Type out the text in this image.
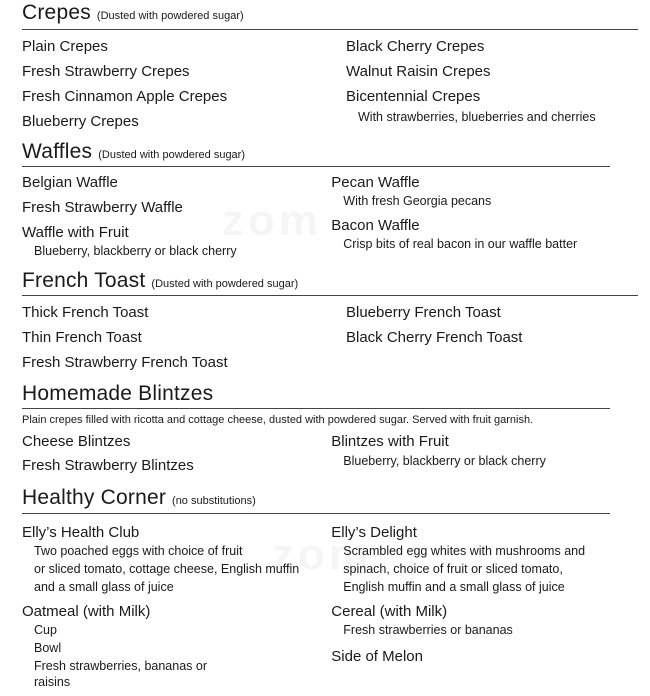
Crepes (Dusted with powdered sugar)
Plain Crepes
Fresh Strawberry Crepes
Fresh Cinnamon Apple Crepes
Blueberry Crepes
Black Cherry Crepes
Walnut Raisin Crepes
Bicentennial Crepes
With strawberries, blueberries and cherries
Waffles (Dusted with powdered sugar)
Belgian Waffle
Fresh Strawberry Waffle
Waffle with Fruit
Blueberry, blackberry or black cherry
Pecan Waffle
With fresh Georgia pecans
Bacon Waffle
Crisp bits of real bacon in our waffle batter
French Toast (Dusted with powdered sugar)
Thick French Toast
Thin French Toast
Fresh Strawberry French Toast
Blueberry French Toast
Black Cherry French Toast
Homemade Blintzes
Plain crepes filled with ricotta and cottage cheese, dusted with powdered sugar. Served with fruit garnish.
Cheese Blintzes
Fresh Strawberry Blintzes
Blintzes with Fruit
Blueberry, blackberry or black cherry
Healthy Corner (no substitutions)
Elly’s Health Club
Two poached eggs with choice of fruit
or sliced tomato, cottage cheese, English muffin
and a small glass of juice
Oatmeal (with Milk)
Cup
Bowl
Fresh strawberries, bananas or
raisins
Elly’s Delight
Scrambled egg whites with mushrooms and
spinach, choice of fruit or sliced tomato,
English muffin and a small glass of juice
Cereal (with Milk)
Fresh strawberries or bananas
Side of Melon
